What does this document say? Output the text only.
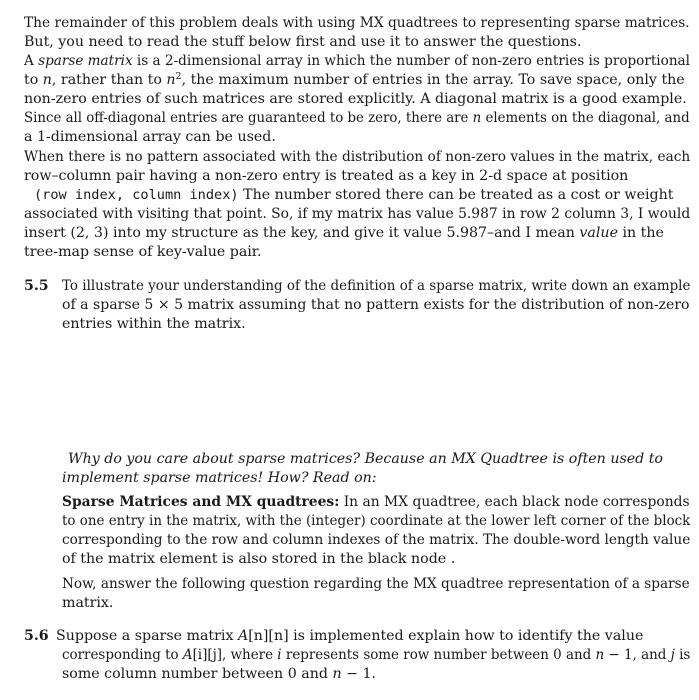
The remainder of this problem deals with using MX quadtrees to representing sparse matrices.
But, you need to read the stuff below first and use it to answer the questions.
A sparse matrix is a 2-dimensional array in which the number of non-zero entries is proportional
to n, rather than to $n^2$, the maximum number of entries in the array. To save space, only the
non-zero entries of such matrices are stored explicitly. A diagonal matrix is a good example.
Since all off-diagonal entries are guaranteed to be zero, there are n elements on the diagonal, and
a 1-dimensional array can be used.
When there is no pattern associated with the distribution of non-zero values in the matrix, each
row–column pair having a non-zero entry is treated as a key in 2-d space at position
(row index, column index) The number stored there can be treated as a cost or weight
associated with visiting that point. So, if my matrix has value 5.987 in row 2 column 3, I would
insert (2, 3) into my structure as the key, and give it value 5.987–and I mean value in the
tree-map sense of key-value pair.
5.5 To illustrate your understanding of the definition of a sparse matrix, write down an example
of a sparse 5 × 5 matrix assuming that no pattern exists for the distribution of non-zero
entries within the matrix.
Why do you care about sparse matrices? Because an MX Quadtree is often used to
implement sparse matrices! How? Read on:
Sparse Matrices and MX quadtrees: In an MX quadtree, each black node corresponds
to one entry in the matrix, with the (integer) coordinate at the lower left corner of the block
corresponding to the row and column indexes of the matrix. The double-word length value
of the matrix element is also stored in the black node .
Now, answer the following question regarding the MX quadtree representation of a sparse
matrix.
5.6 Suppose a sparse matrix A[n][n] is implemented explain how to identify the value
corresponding to A[i][j], where i represents some row number between 0 and n − 1, and j is
some column number between 0 and n − 1.
